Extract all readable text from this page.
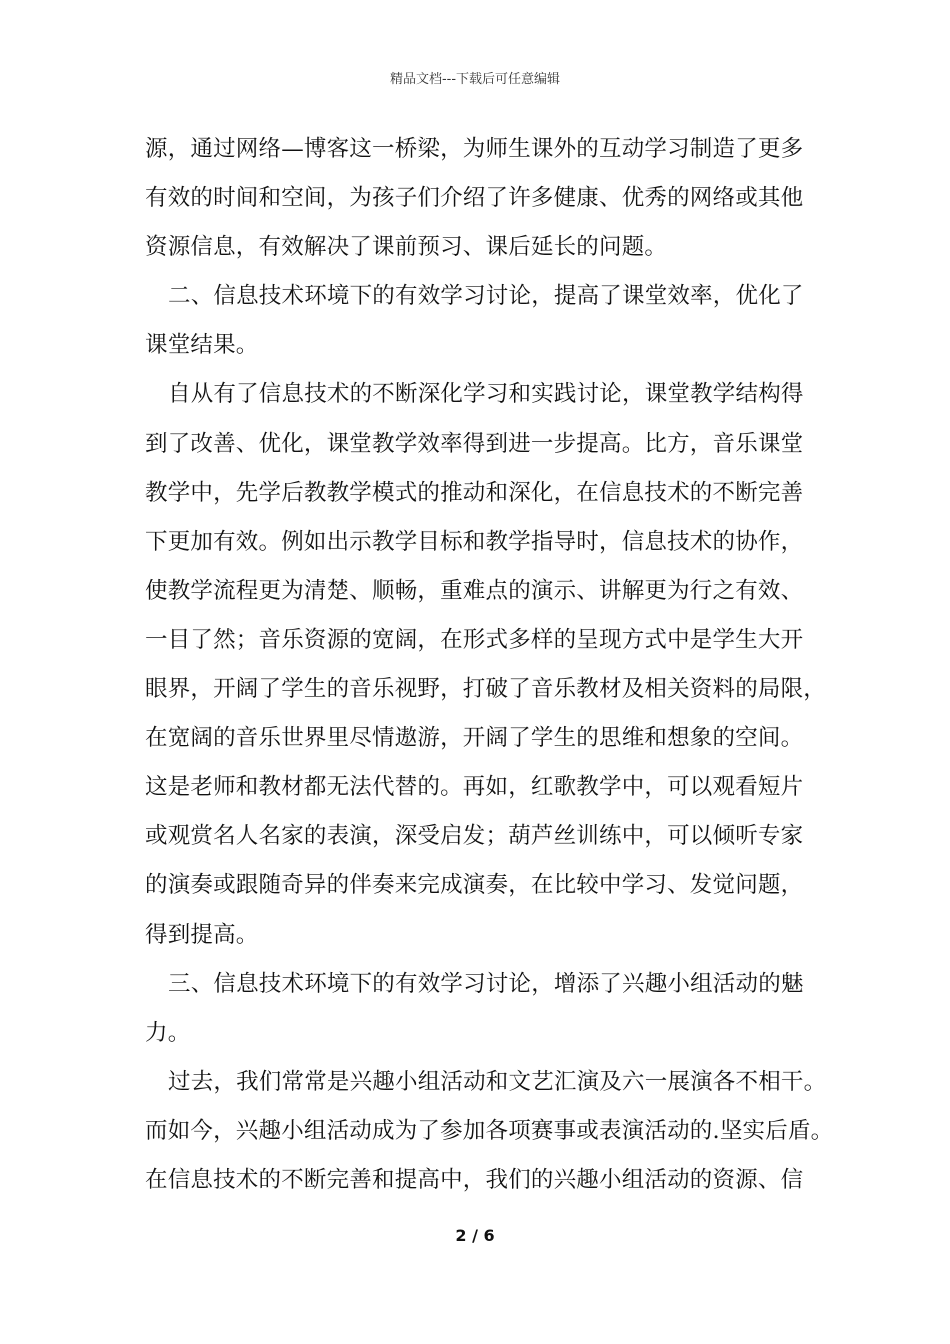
精品文档---下载后可任意编辑
源，通过网络—博客这一桥梁，为师生课外的互动学习制造了更多
有效的时间和空间，为孩子们介绍了许多健康、优秀的网络或其他
资源信息，有效解决了课前预习、课后延长的问题。
二、信息技术环境下的有效学习讨论，提高了课堂效率，优化了
课堂结果。
自从有了信息技术的不断深化学习和实践讨论，课堂教学结构得
到了改善、优化，课堂教学效率得到进一步提高。比方，音乐课堂
教学中，先学后教教学模式的推动和深化，在信息技术的不断完善
下更加有效。例如出示教学目标和教学指导时，信息技术的协作，
使教学流程更为清楚、顺畅，重难点的演示、讲解更为行之有效、
一目了然；音乐资源的宽阔，在形式多样的呈现方式中是学生大开
眼界，开阔了学生的音乐视野，打破了音乐教材及相关资料的局限，
在宽阔的音乐世界里尽情遨游，开阔了学生的思维和想象的空间。
这是老师和教材都无法代替的。再如，红歌教学中，可以观看短片
或观赏名人名家的表演，深受启发；葫芦丝训练中，可以倾听专家
的演奏或跟随奇异的伴奏来完成演奏，在比较中学习、发觉问题，
得到提高。
三、信息技术环境下的有效学习讨论，增添了兴趣小组活动的魅
力。
过去，我们常常是兴趣小组活动和文艺汇演及六一展演各不相干。
而如今，兴趣小组活动成为了参加各项赛事或表演活动的.坚实后盾。
在信息技术的不断完善和提高中，我们的兴趣小组活动的资源、信
2 / 6
